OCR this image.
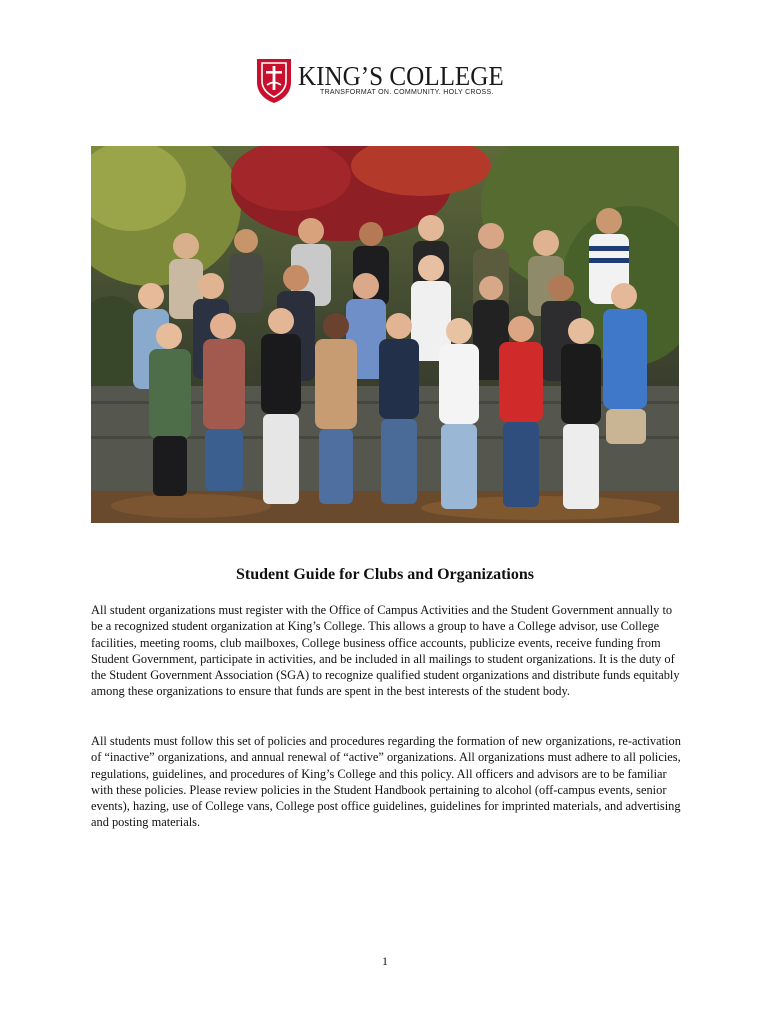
KING’S COLLEGE
TRANSFORMAT ON. COMMUNITY. HOLY CROSS.
Student Guide for Clubs and Organizations
All student organizations must register with the Office of Campus Activities and the Student Government annually to be a recognized student organization at King’s College. This allows a group to have a College advisor, use College facilities, meeting rooms, club mailboxes, College business office accounts, publicize events, receive funding from Student Government, participate in activities, and be included in all mailings to student organizations. It is the duty of the Student Government Association (SGA) to recognize qualified student organizations and distribute funds equitably among these organizations to ensure that funds are spent in the best interests of the student body.
All students must follow this set of policies and procedures regarding the formation of new organizations, re-activation of “inactive” organizations, and annual renewal of “active” organizations. All organizations must adhere to all policies, regulations, guidelines, and procedures of King’s College and this policy. All officers and advisors are to be familiar with these policies. Please review policies in the Student Handbook pertaining to alcohol (off-campus events, senior events), hazing, use of College vans, College post office guidelines, guidelines for imprinted materials, and advertising and posting materials.
1
